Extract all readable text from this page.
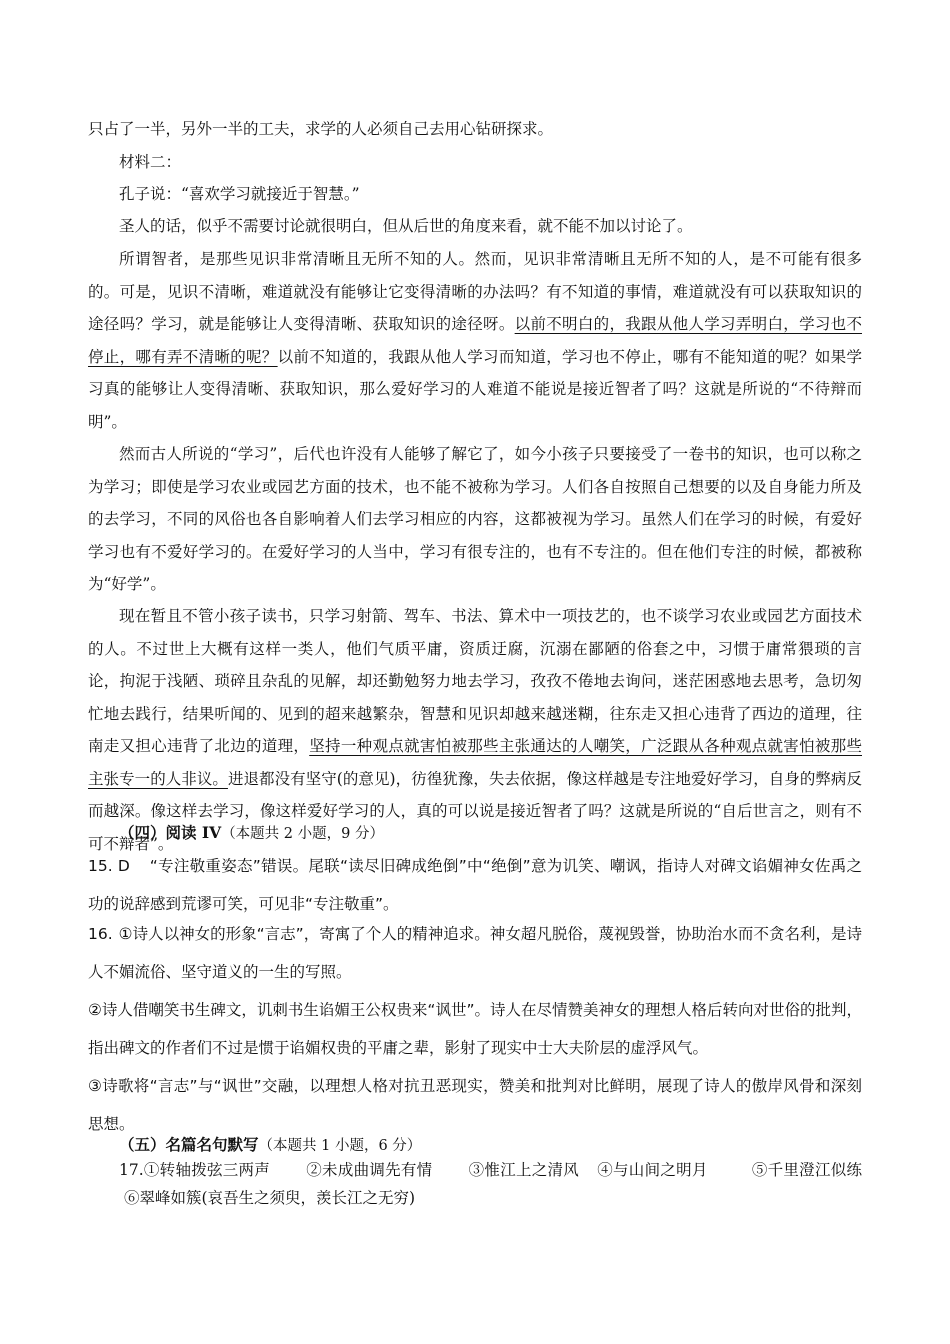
只占了一半，另外一半的工夫，求学的人必须自己去用心钻研探求。

材料二：

孔子说：“喜欢学习就接近于智慧。”

圣人的话，似乎不需要讨论就很明白，但从后世的角度来看，就不能不加以讨论了。

所谓智者，是那些见识非常清晰且无所不知的人。然而，见识非常清晰且无所不知的人，是不可能有很多的。可是，见识不清晰，难道就没有能够让它变得清晰的办法吗？有不知道的事情，难道就没有可以获取知识的途径吗？学习，就是能够让人变得清晰、获取知识的途径呀。以前不明白的，我跟从他人学习弄明白，学习也不停止，哪有弄不清晰的呢？以前不知道的，我跟从他人学习而知道，学习也不停止，哪有不能知道的呢？如果学习真的能够让人变得清晰、获取知识，那么爱好学习的人难道不能说是接近智者了吗？这就是所说的“不待辩而明”。

然而古人所说的“学习”，后代也许没有人能够了解它了，如今小孩子只要接受了一卷书的知识，也可以称之为学习；即使是学习农业或园艺方面的技术，也不能不被称为学习。人们各自按照自己想要的以及自身能力所及的去学习，不同的风俗也各自影响着人们去学习相应的内容，这都被视为学习。虽然人们在学习的时候，有爱好学习也有不爱好学习的。在爱好学习的人当中，学习有很专注的，也有不专注的。但在他们专注的时候，都被称为“好学”。

现在暂且不管小孩子读书，只学习射箭、驾车、书法、算术中一项技艺的，也不谈学习农业或园艺方面技术的人。不过世上大概有这样一类人，他们气质平庸，资质迂腐，沉溺在鄙陋的俗套之中，习惯于庸常猥琐的言论，拘泥于浅陋、琐碎且杂乱的见解，却还勤勉努力地去学习，孜孜不倦地去询问，迷茫困惑地去思考，急切匆忙地去践行，结果听闻的、见到的超来越繁杂，智慧和见识却越来越迷糊，往东走又担心违背了西边的道理，往南走又担心违背了北边的道理，坚持一种观点就害怕被那些主张通达的人嘲笑，广泛跟从各种观点就害怕被那些主张专一的人非议。进退都没有坚守(的意见)，彷徨犹豫，失去依据，像这样越是专注地爱好学习，自身的弊病反而越深。像这样去学习，像这样爱好学习的人，真的可以说是接近智者了吗？这就是所说的“自后世言之，则有不可不辩者”。

（四）阅读 IV（本题共 2 小题，9 分）

15. D “专注敬重姿态”错误。尾联“读尽旧碑成绝倒”中“绝倒”意为讥笑、嘲讽，指诗人对碑文谄媚神女佐禹之功的说辞感到荒谬可笑，可见非“专注敬重”。

16. ①诗人以神女的形象“言志”，寄寓了个人的精神追求。神女超凡脱俗，蔑视毁誉，协助治水而不贪名利，是诗人不媚流俗、坚守道义的一生的写照。

②诗人借嘲笑书生碑文，讥刺书生谄媚王公权贵来“讽世”。诗人在尽情赞美神女的理想人格后转向对世俗的批判，指出碑文的作者们不过是惯于谄媚权贵的平庸之辈，影射了现实中士大夫阶层的虚浮风气。

③诗歌将“言志”与“讽世”交融，以理想人格对抗丑恶现实，赞美和批判对比鲜明，展现了诗人的傲岸风骨和深刻思想。

（五）名篇名句默写（本题共 1 小题，6 分）

17.①转轴拨弦三两声 ②未成曲调先有情 ③惟江上之清风 ④与山间之明月	⑤千里澄江似练⑥翠峰如簇(哀吾生之须臾，羡长江之无穷)
